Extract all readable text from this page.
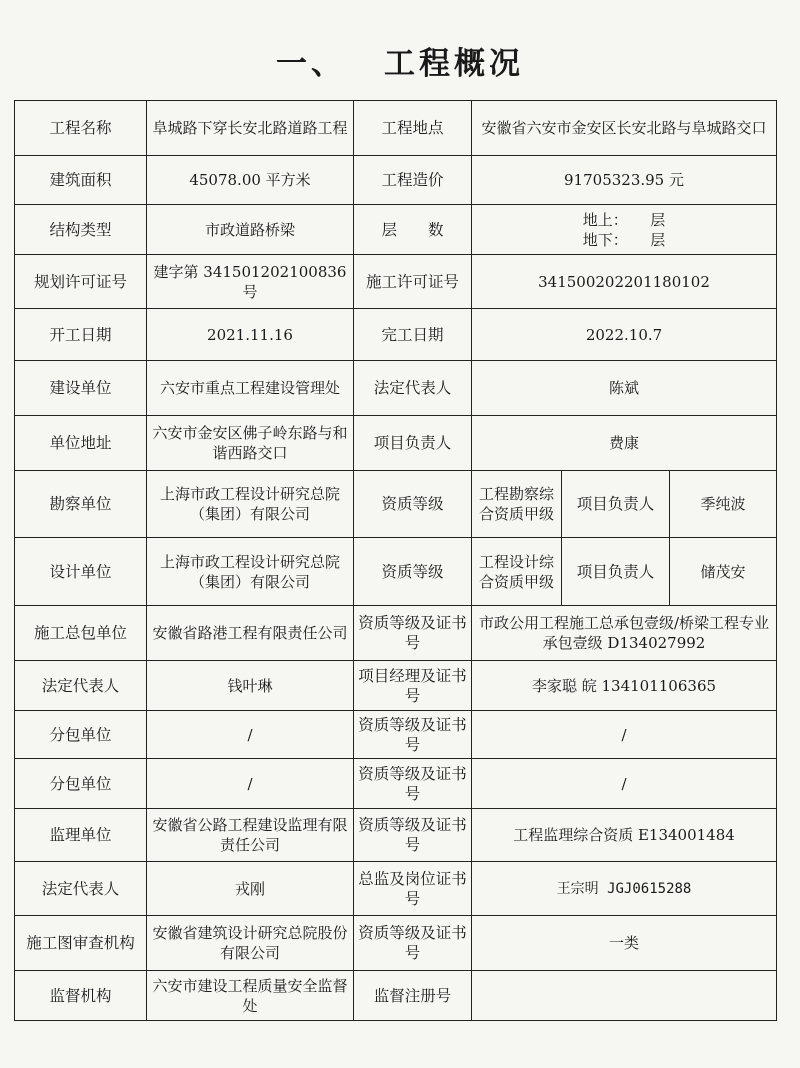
一、 工程概况
工程名称	阜城路下穿长安北路道路工程	工程地点	安徽省六安市金安区长安北路与阜城路交口		
建筑面积	45078.00 平方米	工程造价	91705323.95 元		
结构类型	市政道路桥梁	层　　数	地上：　　层
地下：　　层		

规划许可证号	建字第 341501202100836号	施工许可证号	341500202201180102		
开工日期	2021.11.16	完工日期	2022.10.7		
建设单位	六安市重点工程建设管理处	法定代表人	陈斌		
单位地址	六安市金安区佛子岭东路与和谐西路交口	项目负责人	费康		
勘察单位	上海市政工程设计研究总院（集团）有限公司	资质等级	工程勘察综合资质甲级	项目负责人	季纯波
设计单位	上海市政工程设计研究总院（集团）有限公司	资质等级	工程设计综合资质甲级	项目负责人	储茂安
施工总包单位	安徽省路港工程有限责任公司	资质等级及证书号	市政公用工程施工总承包壹级/桥梁工程专业承包壹级 D134027992		
法定代表人	钱叶琳	项目经理及证书号	李家聪 皖 134101106365		
分包单位	/	资质等级及证书号	/		
分包单位	/	资质等级及证书号	/		
监理单位	安徽省公路工程建设监理有限责任公司	资质等级及证书号	工程监理综合资质 E134001484		
法定代表人	戎刚	总监及岗位证书号	王宗明 JGJ0615288		
施工图审查机构	安徽省建筑设计研究总院股份有限公司	资质等级及证书号	一类		
监督机构	六安市建设工程质量安全监督处	监督注册号			
